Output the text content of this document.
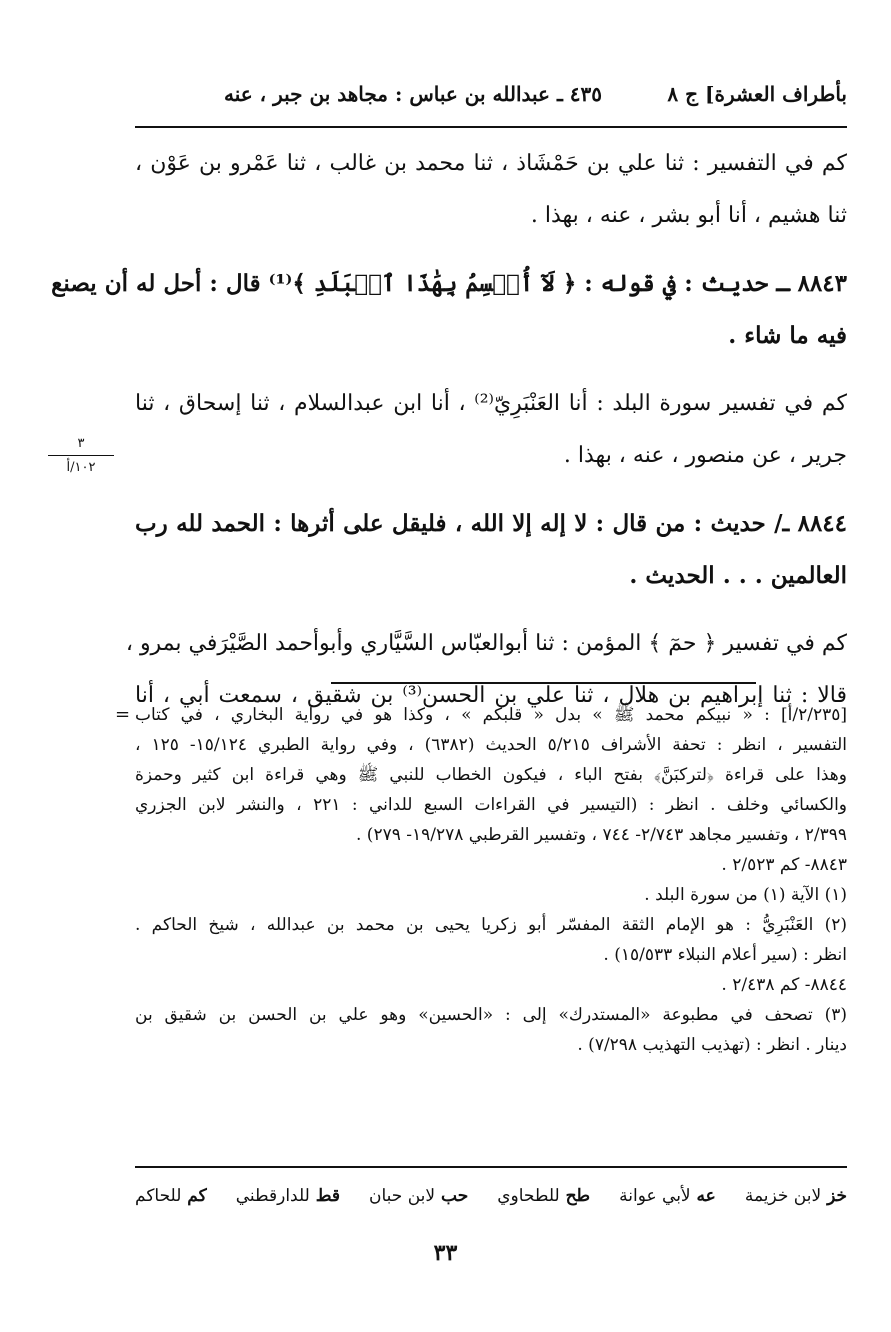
بأطراف العشرة] ج ٨
٤٣٥ ـ عبدالله بن عباس : مجاهد بن جبر ، عنه
كم في التفسير : ثنا علي بن حَمْشَاذ ، ثنا محمد بن غالب ، ثنا عَمْرو بن عَوْن ،
ثنا هشيم ، أنا أبو بشر ، عنه ، بهذا .
٨٨٤٣ ـ حديث : في قوله : ﴿ لَآ أُقۡسِمُ بِهَٰذَا ٱلۡبَلَدِ ﴾⁽¹⁾ قال : أحل له أن يصنع
فيه ما شاء .
كم في تفسير سورة البلد : أنا العَنْبَرِيّ⁽²⁾ ، أنا ابن عبدالسلام ، ثنا إسحاق ، ثنا
جرير ، عن منصور ، عنه ، بهذا .
٨٨٤٤ ـ/ حديث : من قال : لا إله إلا الله ، فليقل على أثرها : الحمد لله رب
العالمين . . . الحديث .
كم في تفسير ﴿ حمٓ ﴾ المؤمن : ثنا أبوالعبّاس السَّيَّاري وأبوأحمد الصَّيْرَفي بمرو ،
قالا : ثنا إبراهيم بن هلال ، ثنا علي بن الحسن⁽³⁾ بن شقيق ، سمعت أبي ، أنا
٣
١٠٢/أ
= [٢/٢٣٥/أ] : « نبيكم محمد ﷺ » بدل « قلبكم » ، وكذا هو في رواية البخاري ، في كتاب
التفسير ، انظر : تحفة الأشراف ٥/٢١٥ الحديث (٦٣٨٢) ، وفي رواية الطبري ١٥/١٢٤- ١٢٥ ،
وهذا على قراءة ﴿لتركبَنَّ﴾ بفتح الباء ، فيكون الخطاب للنبي ﷺ وهي قراءة ابن كثير وحمزة
والكسائي وخلف . انظر : (التيسير في القراءات السبع للداني : ٢٢١ ، والنشر لابن الجزري
٢/٣٩٩ ، وتفسير مجاهد ٢/٧٤٣- ٧٤٤ ، وتفسير القرطبي ١٩/٢٧٨- ٢٧٩) .
٨٨٤٣- كم ٢/٥٢٣ .
(١) الآية (١) من سورة البلد .
(٢) العَنْبَرِيُّ : هو الإمام الثقة المفسّر أبو زكريا يحيى بن محمد بن عبدالله ، شيخ الحاكم .
انظر : (سير أعلام النبلاء ١٥/٥٣٣) .
٨٨٤٤- كم ٢/٤٣٨ .
(٣) تصحف في مطبوعة «المستدرك» إلى : «الحسين» وهو علي بن الحسن بن شقيق بن
دينار . انظر : (تهذيب التهذيب ٧/٢٩٨) .
خز لابن خزيمة
عه لأبي عوانة
طح للطحاوي
حب لابن حبان
قط للدارقطني
كم للحاكم
٣٣
